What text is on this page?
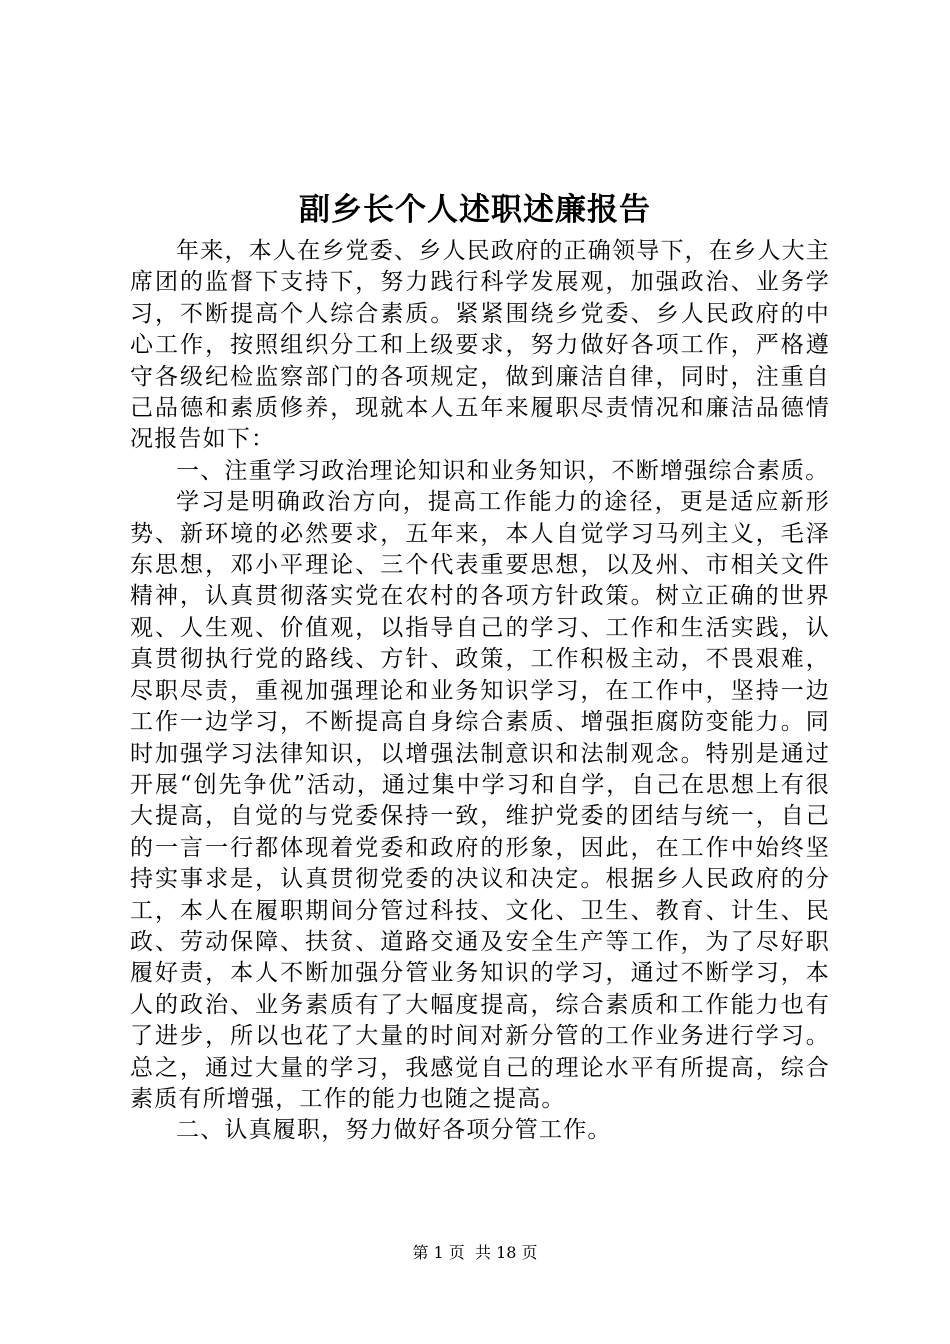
副乡长个人述职述廉报告

年来，本人在乡党委、乡人民政府的正确领导下，在乡人大主席团的监督下支持下，努力践行科学发展观，加强政治、业务学习，不断提高个人综合素质。紧紧围绕乡党委、乡人民政府的中心工作，按照组织分工和上级要求，努力做好各项工作，严格遵守各级纪检监察部门的各项规定，做到廉洁自律，同时，注重自己品德和素质修养，现就本人五年来履职尽责情况和廉洁品德情况报告如下：

一、注重学习政治理论知识和业务知识，不断增强综合素质。

学习是明确政治方向，提高工作能力的途径，更是适应新形势、新环境的必然要求，五年来，本人自觉学习马列主义，毛泽东思想，邓小平理论、三个代表重要思想，以及州、市相关文件精神，认真贯彻落实党在农村的各项方针政策。树立正确的世界观、人生观、价值观，以指导自己的学习、工作和生活实践，认真贯彻执行党的路线、方针、政策，工作积极主动，不畏艰难，尽职尽责，重视加强理论和业务知识学习，在工作中，坚持一边工作一边学习，不断提高自身综合素质、增强拒腐防变能力。同时加强学习法律知识，以增强法制意识和法制观念。特别是通过开展“创先争优”活动，通过集中学习和自学，自己在思想上有很大提高，自觉的与党委保持一致，维护党委的团结与统一，自己的一言一行都体现着党委和政府的形象，因此，在工作中始终坚持实事求是，认真贯彻党委的决议和决定。根据乡人民政府的分工，本人在履职期间分管过科技、文化、卫生、教育、计生、民政、劳动保障、扶贫、道路交通及安全生产等工作，为了尽好职履好责，本人不断加强分管业务知识的学习，通过不断学习，本人的政治、业务素质有了大幅度提高，综合素质和工作能力也有了进步，所以也花了大量的时间对新分管的工作业务进行学习。总之，通过大量的学习，我感觉自己的理论水平有所提高，综合素质有所增强，工作的能力也随之提高。

二、认真履职，努力做好各项分管工作。

第 1 页 共 18 页
